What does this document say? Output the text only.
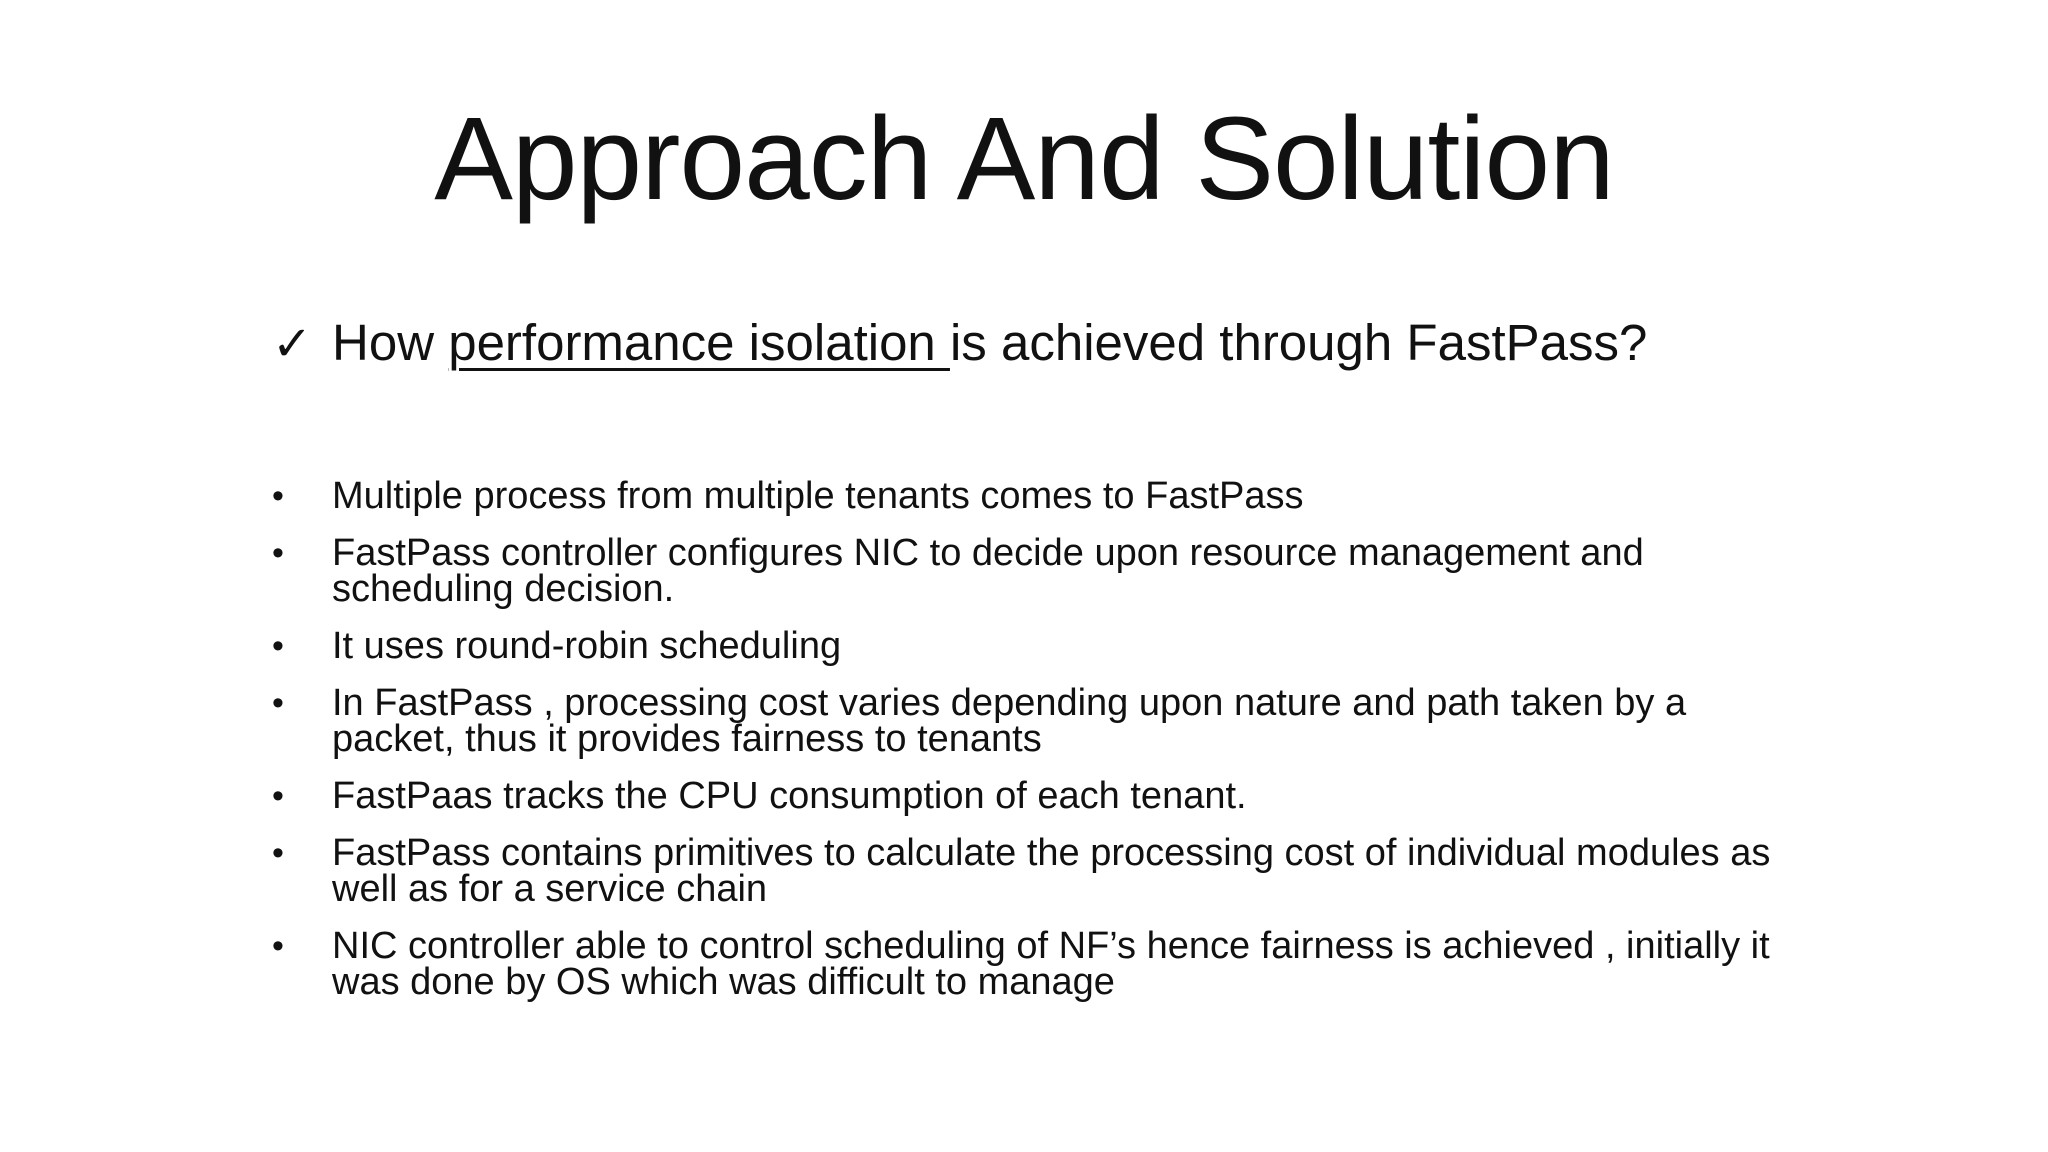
Approach And Solution
✓ How performance isolation is achieved through FastPass?
•	Multiple process from multiple tenants comes to FastPass
•	FastPass controller configures NIC to decide upon resource management and scheduling decision.
•	It uses round-robin scheduling
•	In FastPass , processing cost varies depending upon nature and path taken by a packet, thus it provides fairness to tenants
•	FastPaas tracks the CPU consumption of each tenant.
•	FastPass contains primitives to calculate the processing cost of individual modules as well as for a service chain
•	NIC controller able to control scheduling of NF’s hence fairness is achieved , initially it was done by OS which was difficult to manage
